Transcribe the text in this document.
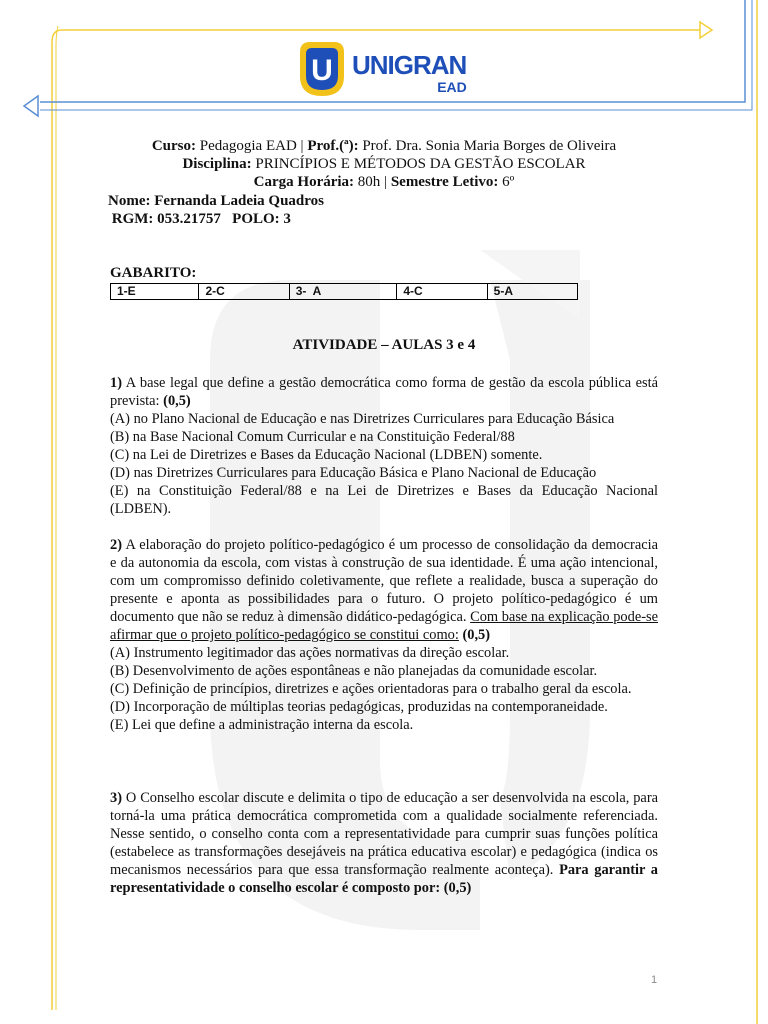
U UNIGRAN
EAD
Curso: Pedagogia EAD | Prof.(ª): Prof. Dra. Sonia Maria Borges de Oliveira
Disciplina: PRINCÍPIOS E MÉTODOS DA GESTÃO ESCOLAR
Carga Horária: 80h | Semestre Letivo: 6º
Nome: Fernanda Ladeia Quadros
RGM: 053.21757   POLO: 3
GABARITO:
1-E	2-C	3-  A	4-C	5-A
ATIVIDADE – AULAS 3 e 4

1) A base legal que define a gestão democrática como forma de gestão da escola pública está prevista: (0,5)

(A) no Plano Nacional de Educação e nas Diretrizes Curriculares para Educação Básica

(B) na Base Nacional Comum Curricular e na Constituição Federal/88

(C) na Lei de Diretrizes e Bases da Educação Nacional (LDBEN) somente.

(D) nas Diretrizes Curriculares para Educação Básica e Plano Nacional de Educação

(E) na Constituição Federal/88 e na Lei de Diretrizes e Bases da Educação Nacional (LDBEN).

2) A elaboração do projeto político-pedagógico é um processo de consolidação da democracia e da autonomia da escola, com vistas à construção de sua identidade. É uma ação intencional, com um compromisso definido coletivamente, que reflete a realidade, busca a superação do presente e aponta as possibilidades para o futuro. O projeto político-pedagógico é um documento que não se reduz à dimensão didático-pedagógica. Com base na explicação pode-se afirmar que o projeto político-pedagógico se constitui como: (0,5)

(A) Instrumento legitimador das ações normativas da direção escolar.

(B) Desenvolvimento de ações espontâneas e não planejadas da comunidade escolar.

(C) Definição de princípios, diretrizes e ações orientadoras para o trabalho geral da escola.

(D) Incorporação de múltiplas teorias pedagógicas, produzidas na contemporaneidade.

(E) Lei que define a administração interna da escola.

3) O Conselho escolar discute e delimita o tipo de educação a ser desenvolvida na escola, para torná-la uma prática democrática comprometida com a qualidade socialmente referenciada. Nesse sentido, o conselho conta com a representatividade para cumprir suas funções política (estabelece as transformações desejáveis na prática educativa escolar) e pedagógica (indica os mecanismos necessários para que essa transformação realmente aconteça). Para garantir a representatividade o conselho escolar é composto por: (0,5)

1
